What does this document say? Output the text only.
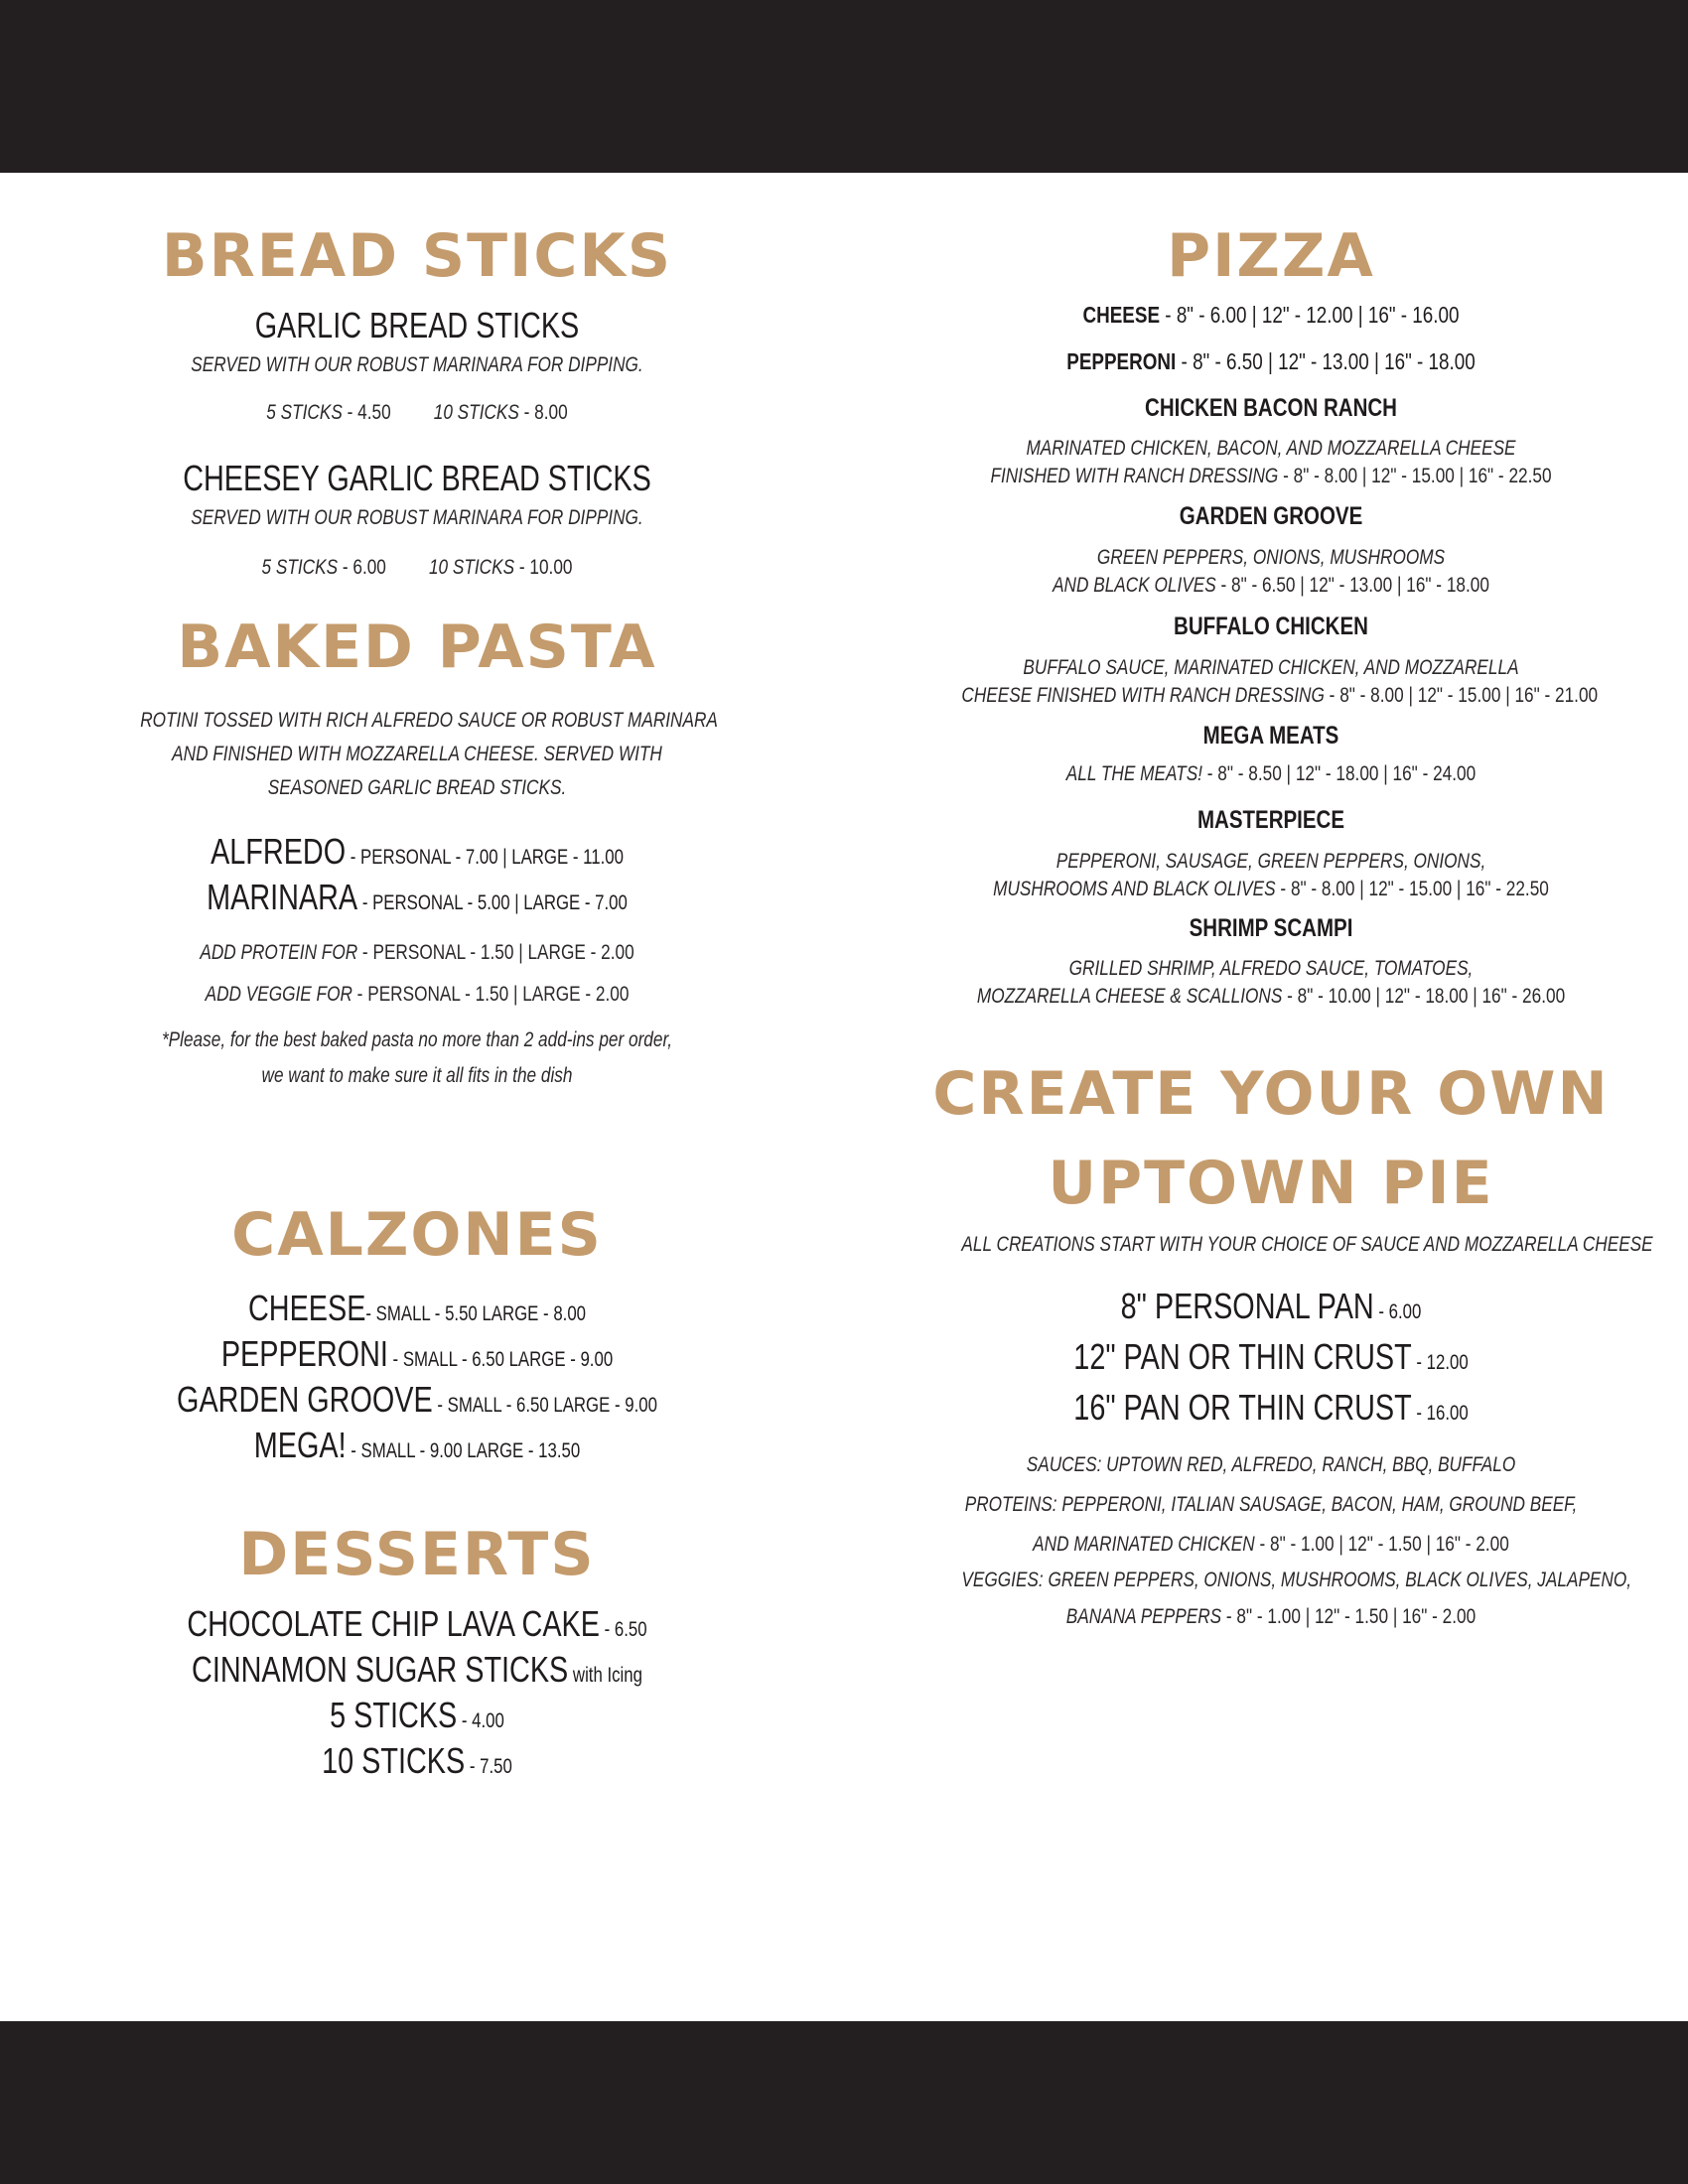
BREAD STICKS
GARLIC BREAD STICKS
SERVED WITH OUR ROBUST MARINARA FOR DIPPING.
5 STICKS - 4.50 10 STICKS - 8.00
CHEESEY GARLIC BREAD STICKS
SERVED WITH OUR ROBUST MARINARA FOR DIPPING.
5 STICKS - 6.00 10 STICKS - 10.00
BAKED PASTA
ROTINI TOSSED WITH RICH ALFREDO SAUCE OR ROBUST MARINARA
AND FINISHED WITH MOZZARELLA CHEESE. SERVED WITH
SEASONED GARLIC BREAD STICKS.
ALFREDO - PERSONAL - 7.00 | LARGE - 11.00
MARINARA - PERSONAL - 5.00 | LARGE - 7.00
ADD PROTEIN FOR - PERSONAL - 1.50 | LARGE - 2.00
ADD VEGGIE FOR - PERSONAL - 1.50 | LARGE - 2.00
*Please, for the best baked pasta no more than 2 add-ins per order,
we want to make sure it all fits in the dish
CALZONES
CHEESE- SMALL - 5.50 LARGE - 8.00
PEPPERONI - SMALL - 6.50 LARGE - 9.00
GARDEN GROOVE - SMALL - 6.50 LARGE - 9.00
MEGA! - SMALL - 9.00 LARGE - 13.50
DESSERTS
CHOCOLATE CHIP LAVA CAKE - 6.50
CINNAMON SUGAR STICKS with Icing
5 STICKS - 4.00
10 STICKS - 7.50
PIZZA
CHEESE - 8" - 6.00 | 12" - 12.00 | 16" - 16.00
PEPPERONI - 8" - 6.50 | 12" - 13.00 | 16" - 18.00
CHICKEN BACON RANCH
MARINATED CHICKEN, BACON, AND MOZZARELLA CHEESE
FINISHED WITH RANCH DRESSING - 8" - 8.00 | 12" - 15.00 | 16" - 22.50
GARDEN GROOVE
GREEN PEPPERS, ONIONS, MUSHROOMS
AND BLACK OLIVES - 8" - 6.50 | 12" - 13.00 | 16" - 18.00
BUFFALO CHICKEN
BUFFALO SAUCE, MARINATED CHICKEN, AND MOZZARELLA
CHEESE FINISHED WITH RANCH DRESSING - 8" - 8.00 | 12" - 15.00 | 16" - 21.00
MEGA MEATS
ALL THE MEATS! - 8" - 8.50 | 12" - 18.00 | 16" - 24.00
MASTERPIECE
PEPPERONI, SAUSAGE, GREEN PEPPERS, ONIONS,
MUSHROOMS AND BLACK OLIVES - 8" - 8.00 | 12" - 15.00 | 16" - 22.50
SHRIMP SCAMPI
GRILLED SHRIMP, ALFREDO SAUCE, TOMATOES,
MOZZARELLA CHEESE & SCALLIONS - 8" - 10.00 | 12" - 18.00 | 16" - 26.00
CREATE YOUR OWN
UPTOWN PIE
ALL CREATIONS START WITH YOUR CHOICE OF SAUCE AND MOZZARELLA CHEESE
8" PERSONAL PAN - 6.00
12" PAN OR THIN CRUST - 12.00
16" PAN OR THIN CRUST - 16.00
SAUCES: UPTOWN RED, ALFREDO, RANCH, BBQ, BUFFALO
PROTEINS: PEPPERONI, ITALIAN SAUSAGE, BACON, HAM, GROUND BEEF,
AND MARINATED CHICKEN - 8" - 1.00 | 12" - 1.50 | 16" - 2.00
VEGGIES: GREEN PEPPERS, ONIONS, MUSHROOMS, BLACK OLIVES, JALAPENO,
BANANA PEPPERS - 8" - 1.00 | 12" - 1.50 | 16" - 2.00
